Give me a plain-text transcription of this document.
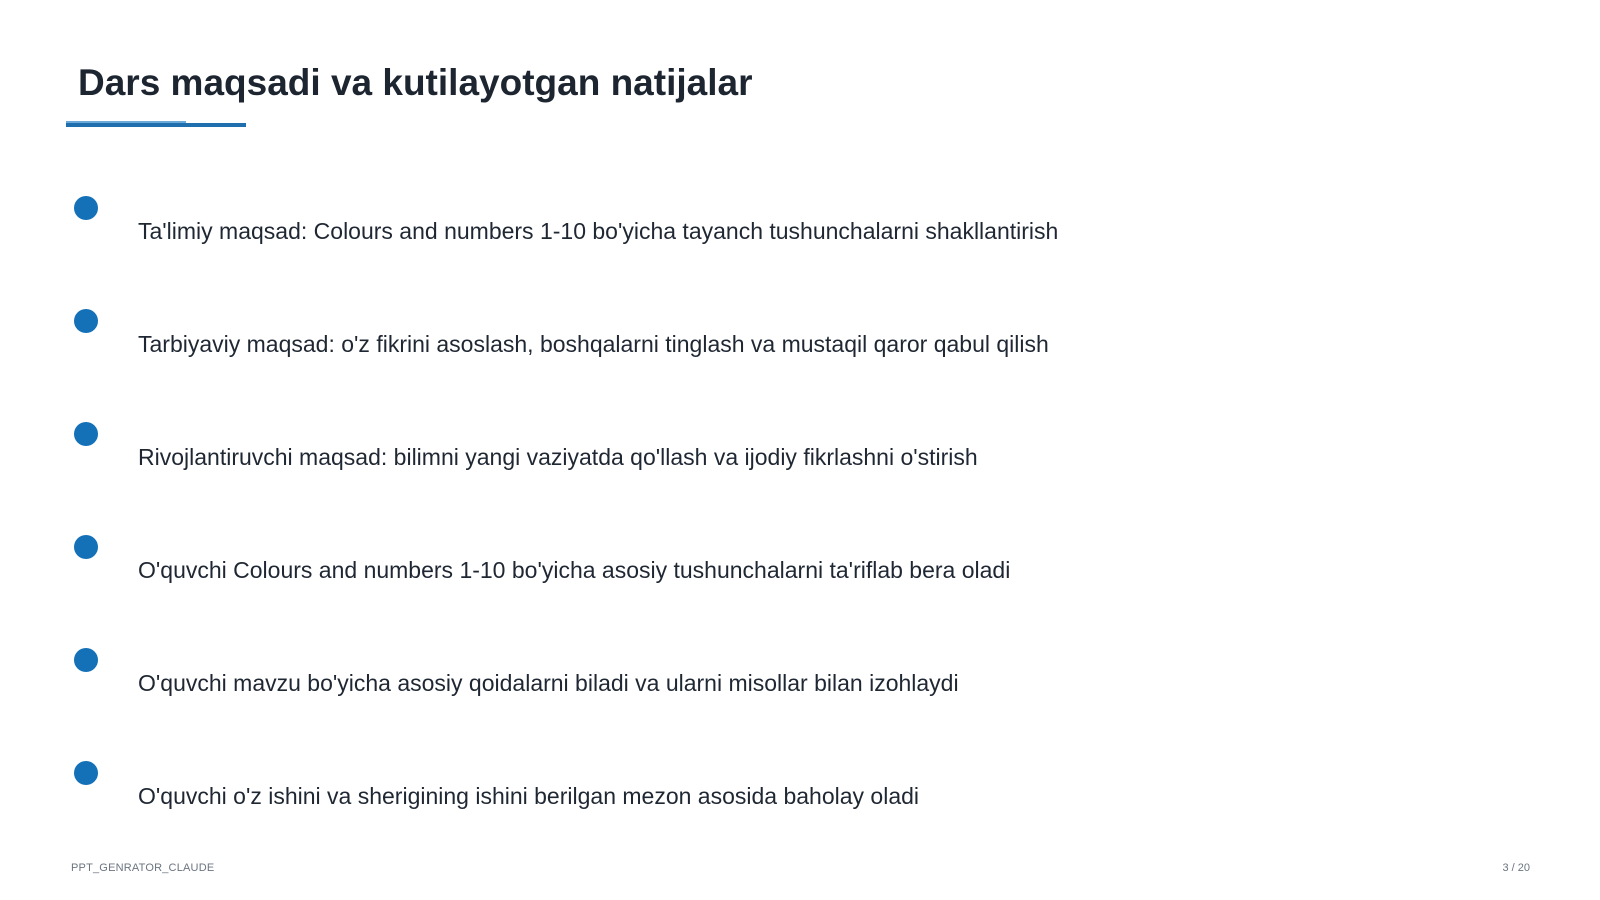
Dars maqsadi va kutilayotgan natijalar
Ta'limiy maqsad: Colours and numbers 1-10 bo'yicha tayanch tushunchalarni shakllantirish
Tarbiyaviy maqsad: o'z fikrini asoslash, boshqalarni tinglash va mustaqil qaror qabul qilish
Rivojlantiruvchi maqsad: bilimni yangi vaziyatda qo'llash va ijodiy fikrlashni o'stirish
O'quvchi Colours and numbers 1-10 bo'yicha asosiy tushunchalarni ta'riflab bera oladi
O'quvchi mavzu bo'yicha asosiy qoidalarni biladi va ularni misollar bilan izohlaydi
O'quvchi o'z ishini va sherigining ishini berilgan mezon asosida baholay oladi
PPT_GENRATOR_CLAUDE	3 / 20
